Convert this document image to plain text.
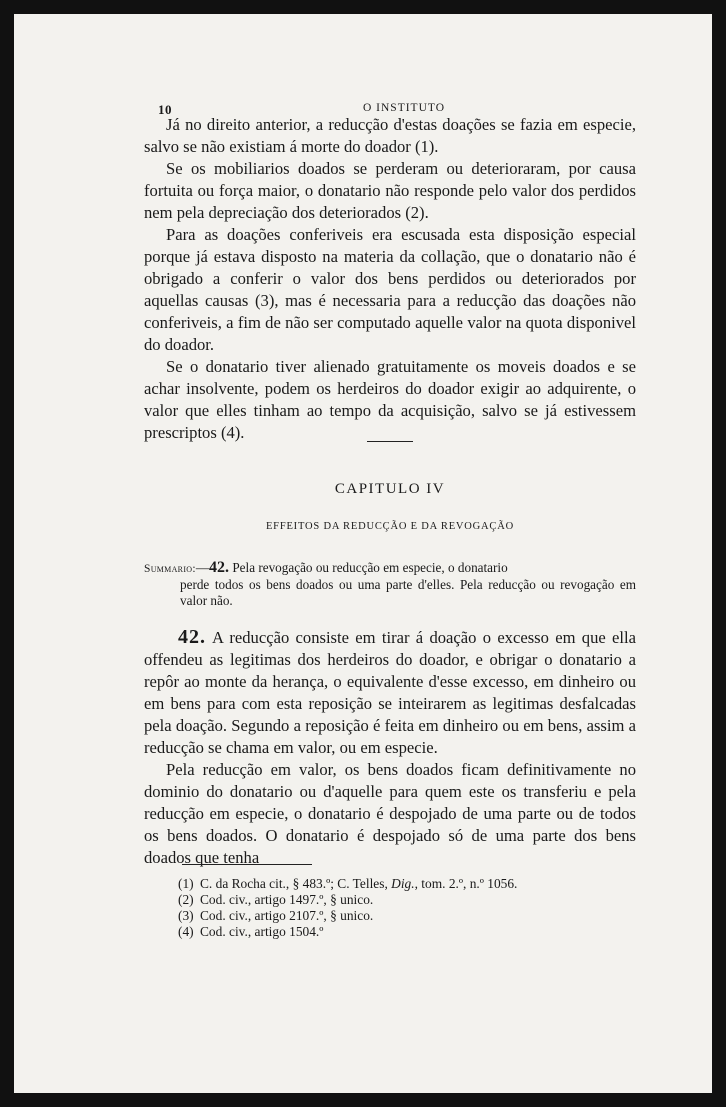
10	O INSTITUTO

Já no direito anterior, a reducção d'estas doações se fazia em especie, salvo se não existiam á morte do doador (1).

Se os mobiliarios doados se perderam ou deterioraram, por causa fortuita ou força maior, o donatario não responde pelo valor dos perdidos nem pela depreciação dos deteriorados (2).

Para as doações conferiveis era escusada esta disposição especial porque já estava disposto na materia da collação, que o donatario não é obrigado a conferir o valor dos bens perdidos ou deteriorados por aquellas causas (3), mas é necessaria para a reducção das doações não conferiveis, a fim de não ser computado aquelle valor na quota disponivel do doador.

Se o donatario tiver alienado gratuitamente os moveis doados e se achar insolvente, podem os herdeiros do doador exigir ao adquirente, o valor que elles tinham ao tempo da acquisição, salvo se já estivessem prescriptos (4).

CAPITULO IV
EFFEITOS DA REDUCÇÃO E DA REVOGAÇÃO
Summario:—42. Pela revogação ou reducção em especie, o donatario
perde todos os bens doados ou uma parte d'elles. Pela reducção ou revogação em valor não.

42. A reducção consiste em tirar á doação o excesso em que ella offendeu as legitimas dos herdeiros do doador, e obrigar o donatario a repôr ao monte da herança, o equivalente d'esse excesso, em dinheiro ou em bens para com esta reposição se inteirarem as legitimas desfalcadas pela doação. Segundo a reposição é feita em dinheiro ou em bens, assim a reducção se chama em valor, ou em especie.

Pela reducção em valor, os bens doados ficam definitivamente no dominio do donatario ou d'aquelle para quem este os transferiu e pela reducção em especie, o donatario é despojado de uma parte ou de todos os bens doados. O donatario é despojado só de uma parte dos bens doados que tenha

(1) C. da Rocha cit., § 483.º; C. Telles, Dig., tom. 2.º, n.º 1056.
(2) Cod. civ., artigo 1497.º, § unico.
(3) Cod. civ., artigo 2107.º, § unico.
(4) Cod. civ., artigo 1504.º
